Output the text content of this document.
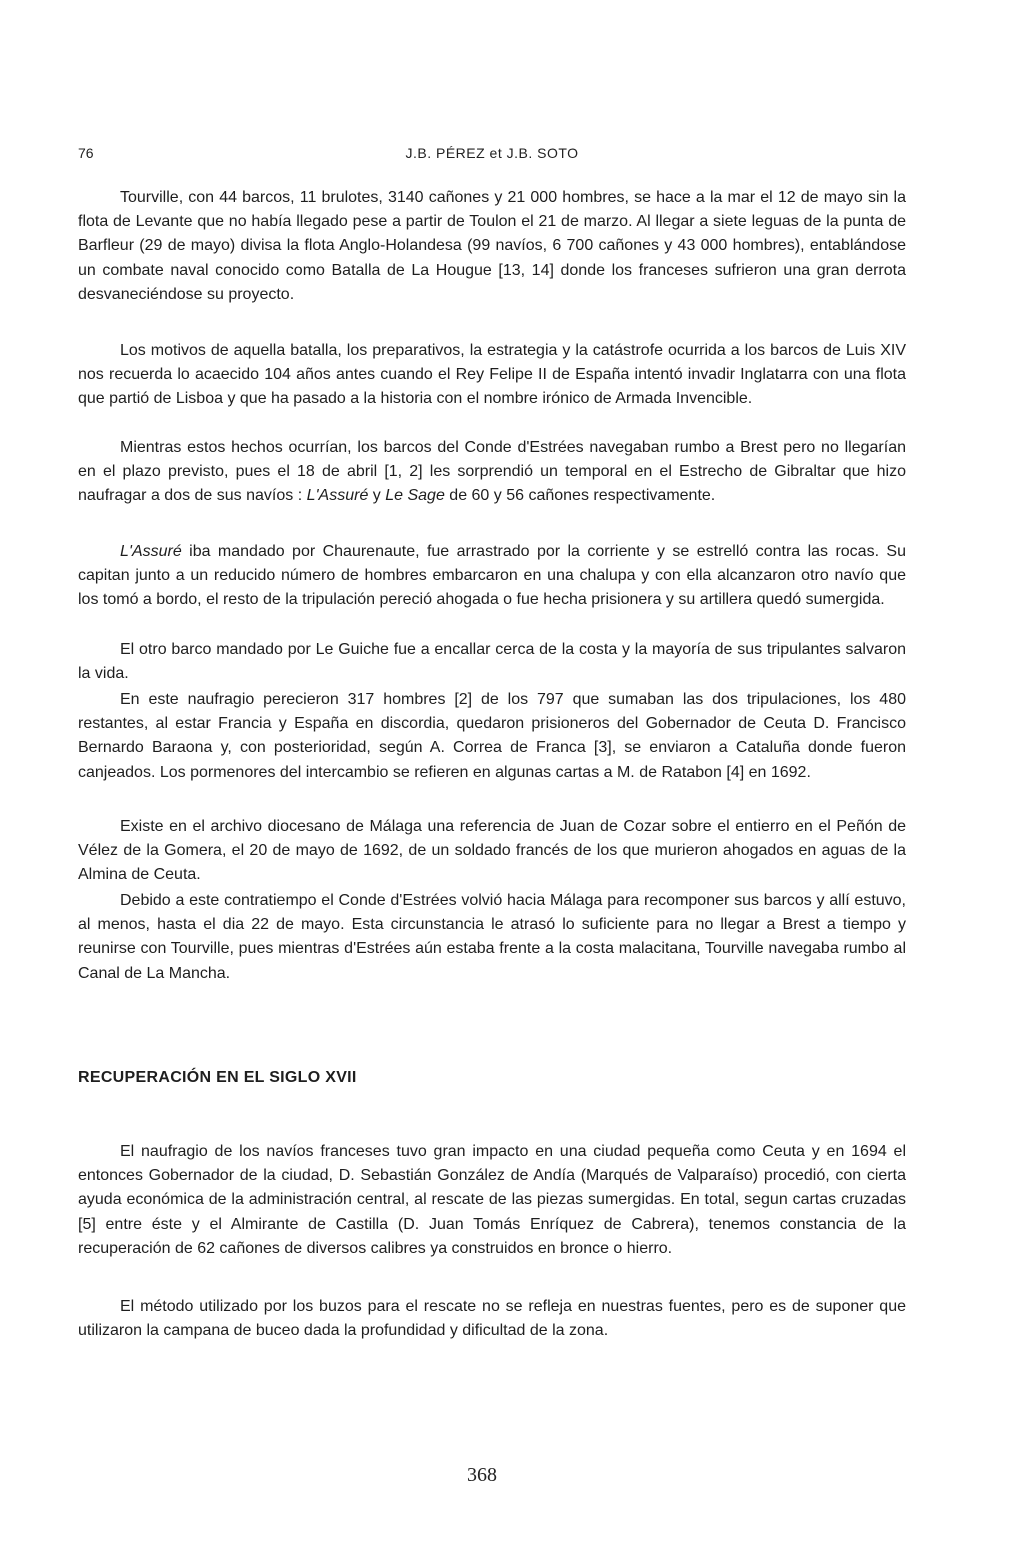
76	J.B. PÉREZ et J.B. SOTO

Tourville, con 44 barcos, 11 brulotes, 3140 cañones y 21 000 hombres, se hace a la mar el 12 de mayo sin la flota de Levante que no había llegado pese a partir de Toulon el 21 de marzo. Al llegar a siete leguas de la punta de Barfleur (29 de mayo) divisa la flota Anglo-Holandesa (99 navíos, 6 700 cañones y 43 000 hombres), entablándose un combate naval conocido como Batalla de La Hougue [13, 14] donde los franceses sufrieron una gran derrota desvaneciéndose su proyecto.

Los motivos de aquella batalla, los preparativos, la estrategia y la catástrofe ocurrida a los barcos de Luis XIV nos recuerda lo acaecido 104 años antes cuando el Rey Felipe II de España intentó invadir Inglatarra con una flota que partió de Lisboa y que ha pasado a la historia con el nombre irónico de Armada Invencible.

Mientras estos hechos ocurrían, los barcos del Conde d'Estrées navegaban rumbo a Brest pero no llegarían en el plazo previsto, pues el 18 de abril [1, 2] les sorprendió un temporal en el Estrecho de Gibraltar que hizo naufragar a dos de sus navíos : L'Assuré y Le Sage de 60 y 56 cañones respectivamente.

L'Assuré iba mandado por Chaurenaute, fue arrastrado por la corriente y se estrelló contra las rocas. Su capitan junto a un reducido número de hombres embarcaron en una chalupa y con ella alcanzaron otro navío que los tomó a bordo, el resto de la tripulación pereció ahogada o fue hecha prisionera y su artillera quedó sumergida.

El otro barco mandado por Le Guiche fue a encallar cerca de la costa y la mayoría de sus tripulantes salvaron la vida.

En este naufragio perecieron 317 hombres [2] de los 797 que sumaban las dos tripulaciones, los 480 restantes, al estar Francia y España en discordia, quedaron prisioneros del Gobernador de Ceuta D. Francisco Bernardo Baraona y, con posterioridad, según A. Correa de Franca [3], se enviaron a Cataluña donde fueron canjeados. Los pormenores del intercambio se refieren en algunas cartas a M. de Ratabon [4] en 1692.

Existe en el archivo diocesano de Málaga una referencia de Juan de Cozar sobre el entierro en el Peñón de Vélez de la Gomera, el 20 de mayo de 1692, de un soldado francés de los que murieron ahogados en aguas de la Almina de Ceuta.

Debido a este contratiempo el Conde d'Estrées volvió hacia Málaga para recomponer sus barcos y allí estuvo, al menos, hasta el dia 22 de mayo. Esta circunstancia le atrasó lo suficiente para no llegar a Brest a tiempo y reunirse con Tourville, pues mientras d'Estrées aún estaba frente a la costa malacitana, Tourville navegaba rumbo al Canal de La Mancha.

RECUPERACIÓN EN EL SIGLO XVII

El naufragio de los navíos franceses tuvo gran impacto en una ciudad pequeña como Ceuta y en 1694 el entonces Gobernador de la ciudad, D. Sebastián González de Andía (Marqués de Valparaíso) procedió, con cierta ayuda económica de la administración central, al rescate de las piezas sumergidas. En total, segun cartas cruzadas [5] entre éste y el Almirante de Castilla (D. Juan Tomás Enríquez de Cabrera), tenemos constancia de la recuperación de 62 cañones de diversos calibres ya construidos en bronce o hierro.

El método utilizado por los buzos para el rescate no se refleja en nuestras fuentes, pero es de suponer que utilizaron la campana de buceo dada la profundidad y dificultad de la zona.

368
